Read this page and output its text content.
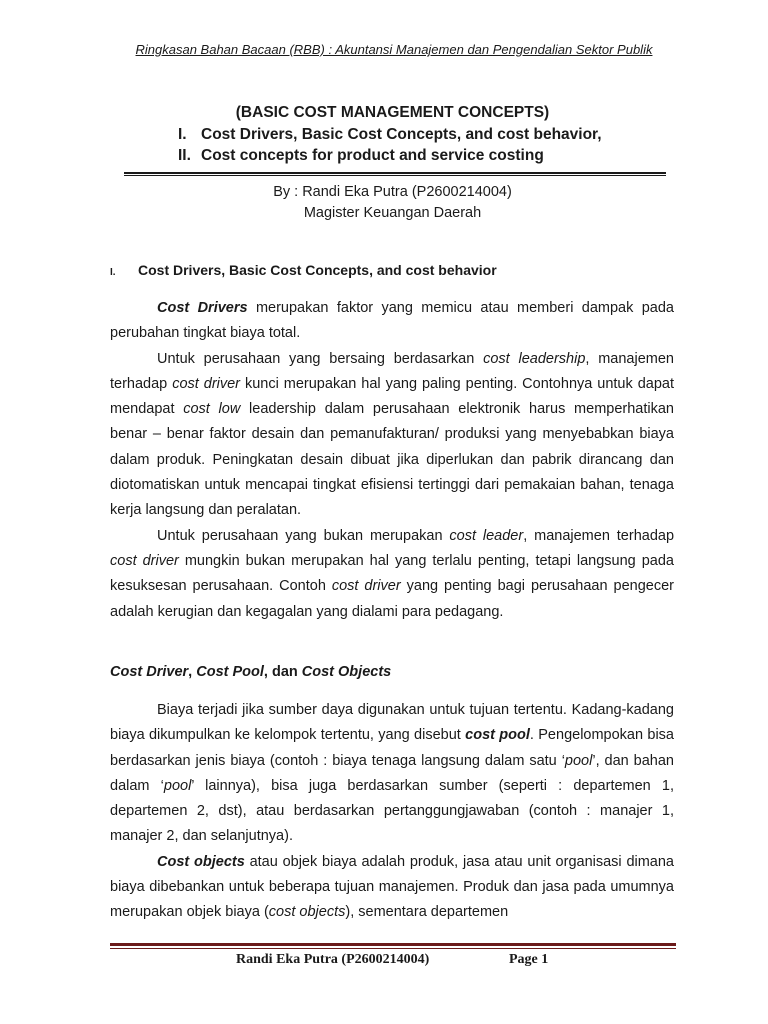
Ringkasan Bahan Bacaan (RBB) : Akuntansi Manajemen dan Pengendalian Sektor Publik
(BASIC COST MANAGEMENT CONCEPTS)
I. Cost Drivers, Basic Cost Concepts, and cost behavior,
II. Cost concepts for product and service costing
By : Randi Eka Putra (P2600214004)
Magister Keuangan Daerah
I. Cost Drivers, Basic Cost Concepts, and cost behavior

Cost Drivers merupakan faktor yang memicu atau memberi dampak pada perubahan tingkat biaya total.

Untuk perusahaan yang bersaing berdasarkan cost leadership, manajemen terhadap cost driver kunci merupakan hal yang paling penting. Contohnya untuk dapat mendapat cost low leadership dalam perusahaan elektronik harus memperhatikan benar – benar faktor desain dan pemanufakturan/ produksi yang menyebabkan biaya dalam produk. Peningkatan desain dibuat jika diperlukan dan pabrik dirancang dan diotomatiskan untuk mencapai tingkat efisiensi tertinggi dari pemakaian bahan, tenaga kerja langsung dan peralatan.

Untuk perusahaan yang bukan merupakan cost leader, manajemen terhadap cost driver mungkin bukan merupakan hal yang terlalu penting, tetapi langsung pada kesuksesan perusahaan. Contoh cost driver yang penting bagi perusahaan pengecer adalah kerugian dan kegagalan yang dialami para pedagang.

Cost Driver, Cost Pool, dan Cost Objects

Biaya terjadi jika sumber daya digunakan untuk tujuan tertentu. Kadang-kadang biaya dikumpulkan ke kelompok tertentu, yang disebut cost pool. Pengelompokan bisa berdasarkan jenis biaya (contoh : biaya tenaga langsung dalam satu ‘pool’, dan bahan dalam ‘pool’ lainnya), bisa juga berdasarkan sumber (seperti : departemen 1, departemen 2, dst), atau berdasarkan pertanggungjawaban (contoh : manajer 1, manajer 2, dan selanjutnya).

Cost objects atau objek biaya adalah produk, jasa atau unit organisasi dimana biaya dibebankan untuk beberapa tujuan manajemen. Produk dan jasa pada umumnya merupakan objek biaya (cost objects), sementara departemen

Randi Eka Putra (P2600214004)	Page 1
